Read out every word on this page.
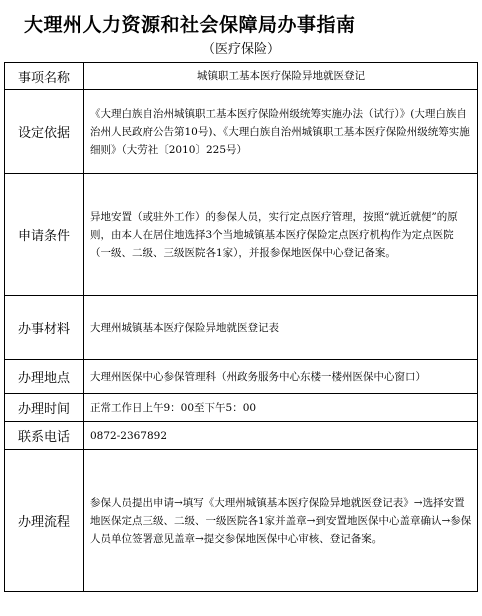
大理州人力资源和社会保障局办事指南
（医疗保险）
事项名称	城镇职工基本医疗保险异地就医登记
设定依据	《大理白族自治州城镇职工基本医疗保险州级统筹实施办法（试行）》(大理白族自治州人民政府公告第10号)、《大理白族自治州城镇职工基本医疗保险州级统筹实施细则》（大劳社〔2010〕225号）
申请条件	异地安置（或驻外工作）的参保人员，实行定点医疗管理，按照“就近就便”的原则，由本人在居住地选择3个当地城镇基本医疗保险定点医疗机构作为定点医院（一级、二级、三级医院各1家），并报参保地医保中心登记备案。
办事材料	大理州城镇基本医疗保险异地就医登记表
办理地点	大理州医保中心参保管理科（州政务服务中心东楼一楼州医保中心窗口）
办理时间	正常工作日上午9：00至下午5：00
联系电话	0872-2367892
办理流程	参保人员提出申请→填写《大理州城镇基本医疗保险异地就医登记表》→选择安置地医保定点三级、二级、一级医院各1家并盖章→到安置地医保中心盖章确认→参保人员单位签署意见盖章→提交参保地医保中心审核、登记备案。
